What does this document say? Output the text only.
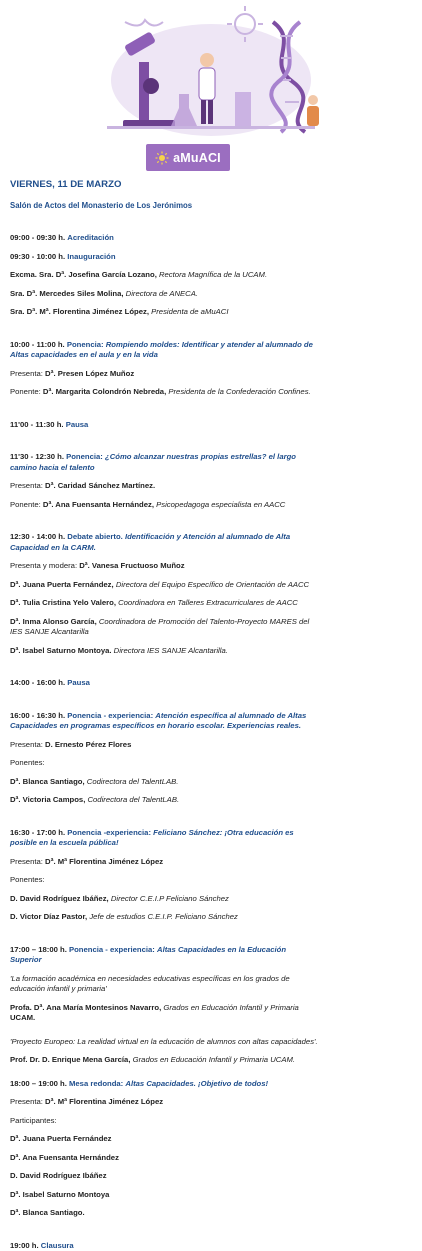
aMuACI
VIERNES, 11 DE MARZO
Salón de Actos del Monasterio de Los Jerónimos

09:00 - 09:30 h. Acreditación

09:30 - 10:00 h. Inauguración

Excma. Sra. Dª. Josefina García Lozano, Rectora Magnífica de la UCAM.

Sra. Dª. Mercedes Siles Molina, Directora de ANECA.

Sra. Dª. Mª. Florentina Jiménez López, Presidenta de aMuACI

10:00 - 11:00 h. Ponencia: Rompiendo moldes: Identificar y atender al alumnado de

Altas capacidades en el aula y en la vida

Presenta: Dª. Presen López Muñoz

Ponente: Dª. Margarita Colondrón Nebreda, Presidenta de la Confederación Confines.

11'00 - 11:30 h. Pausa

11'30 - 12:30 h. Ponencia: ¿Cómo alcanzar nuestras propias estrellas? el largo

camino hacia el talento

Presenta: Dª. Caridad Sánchez Martínez.

Ponente: Dª. Ana Fuensanta Hernández, Psicopedagoga especialista en AACC

12:30 - 14:00 h. Debate abierto. Identificación y Atención al alumnado de Alta

Capacidad en la CARM.

Presenta y modera: Dª. Vanesa Fructuoso Muñoz

Dª. Juana Puerta Fernández, Directora del Equipo Específico de Orientación de AACC

Dª. Tulia Cristina Yelo Valero, Coordinadora en Talleres Extracurriculares de AACC

Dª. Inma Alonso García, Coordinadora de Promoción del Talento-Proyecto MARES del

IES SANJE Alcantarilla

Dª. Isabel Saturno Montoya. Directora IES SANJE Alcantarilla.

14:00 - 16:00 h. Pausa

16:00 - 16:30 h. Ponencia - experiencia: Atención específica al alumnado de Altas

Capacidades en programas específicos en horario escolar. Experiencias reales.

Presenta: D. Ernesto Pérez Flores

Ponentes:

Dª. Blanca Santiago, Codirectora del TalentLAB.

Dª. Victoria Campos, Codirectora del TalentLAB.

16:30 - 17:00 h. Ponencia -experiencia: Feliciano Sánchez: ¡Otra educación es

posible en la escuela pública!

Presenta: Dª. Mª Florentina Jiménez López

Ponentes:

D. David Rodríguez Ibáñez, Director C.E.I.P Feliciano Sánchez

D. Victor Díaz Pastor, Jefe de estudios C.E.I.P. Feliciano Sánchez

17:00 – 18:00 h. Ponencia - experiencia: Altas Capacidades en la Educación

Superior

'La formación académica en necesidades educativas específicas en los grados de

educación infantil y primaria'

Profa. Dª. Ana María Montesinos Navarro, Grados en Educación Infantil y Primaria

UCAM.

'Proyecto Europeo: La realidad virtual en la educación de alumnos con altas capacidades'.

Prof. Dr. D. Enrique Mena García, Grados en Educación Infantil y Primaria UCAM.

18:00 – 19:00 h. Mesa redonda: Altas Capacidades. ¡Objetivo de todos!

Presenta: Dª. Mª Florentina Jiménez López

Participantes:

Dª. Juana Puerta Fernández

Dª. Ana Fuensanta Hernández

D. David Rodríguez Ibáñez

Dª. Isabel Saturno Montoya

Dª. Blanca Santiago.

19:00 h. Clausura
